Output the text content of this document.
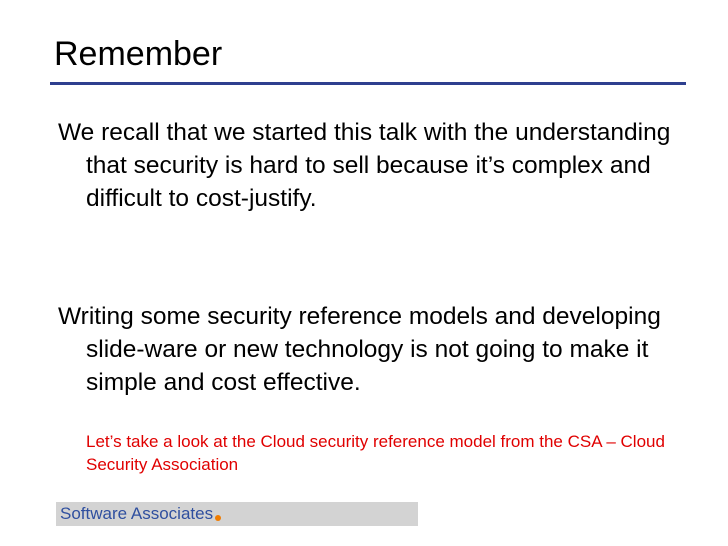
Remember

We recall that we started this talk with the understanding that security is hard to sell because it’s complex and difficult to cost-justify.

Writing some security reference models and developing slide-ware or new technology is not going to make it simple and cost effective.

Let’s take a look at the Cloud security reference model from the CSA – Cloud Security Association

Software Associates
